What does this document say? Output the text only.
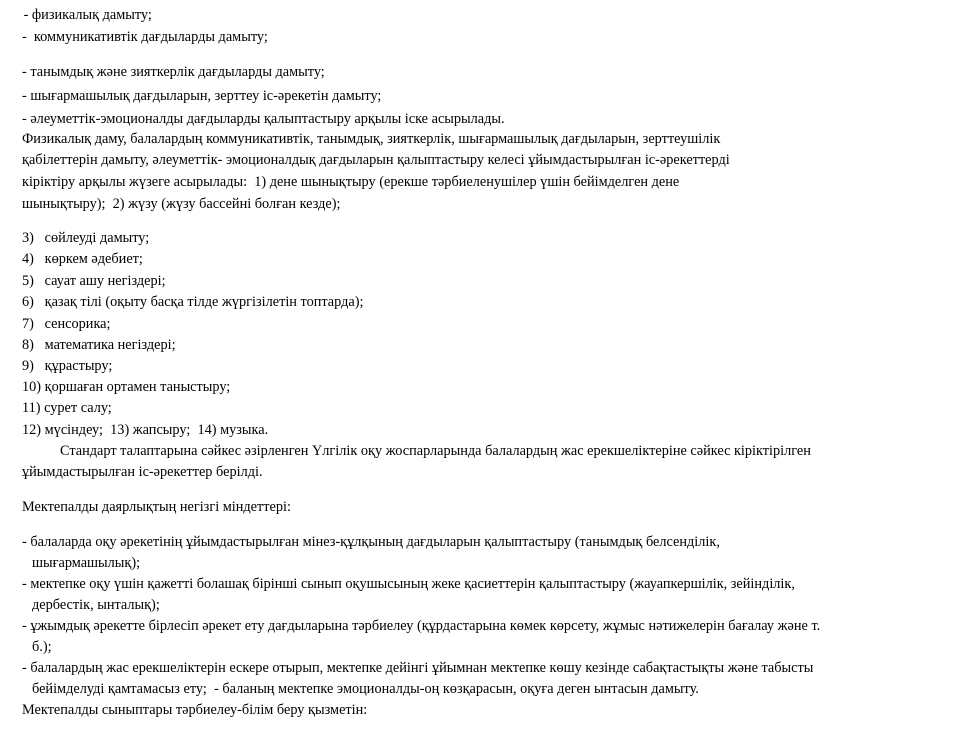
- физикалық дамыту;
-  коммуникативтік дағдыларды дамыту;
- танымдық және зияткерлік дағдыларды дамыту;
- шығармашылық дағдыларын, зерттеу іс-әрекетін дамыту;
- әлеуметтік-эмоционалды дағдыларды қалыптастыру арқылы іске асырылады.
Физикалық даму, балалардың коммуникативтік, танымдық, зияткерлік, шығармашылық дағдыларын, зерттеушілік
қабілеттерін дамыту, әлеуметтік- эмоционалдық дағдыларын қалыптастыру келесі ұйымдастырылған іс-әрекеттерді
кіріктіру арқылы жүзеге асырылады:  1) дене шынықтыру (ерекше тәрбиеленушілер үшін бейімделген дене
шынықтыру);  2) жүзу (жүзу бассейні болған кезде);
3)   сөйлеуді дамыту;
4)   көркем әдебиет;
5)   сауат ашу негіздері;
6)   қазақ тілі (оқыту басқа тілде жүргізілетін топтарда);
7)   сенсорика;
8)   математика негіздері;
9)   құрастыру;
10) қоршаған ортамен таныстыру;
11) сурет салу;
12) мүсіндеу;  13) жапсыру;  14) музыка.
Стандарт талаптарына сәйкес әзірленген Үлгілік оқу жоспарларында балалардың жас ерекшеліктеріне сәйкес кіріктірілген
ұйымдастырылған іс-әрекеттер берілді.
Мектепалды даярлықтың негізгі міндеттері:
- балаларда оқу әрекетінің ұйымдастырылған мінез-құлқының дағдыларын қалыптастыру (танымдық белсенділік,
шығармашылық);
- мектепке оқу үшін қажетті болашақ бірінші сынып оқушысының жеке қасиеттерін қалыптастыру (жауапкершілік, зейінділік,
дербестік, ынталық);
- ұжымдық әрекетте бірлесіп әрекет ету дағдыларына тәрбиелеу (құрдастарына көмек көрсету, жұмыс нәтижелерін бағалау және т.
б.);
- балалардың жас ерекшеліктерін ескере отырып, мектепке дейінгі ұйымнан мектепке көшу кезінде сабақтастықты және табысты
бейімделуді қамтамасыз ету;  - баланың мектепке эмоционалды-оң көзқарасын, оқуға деген ынтасын дамыту.
Мектепалды сыныптары тәрбиелеу-білім беру қызметін:
